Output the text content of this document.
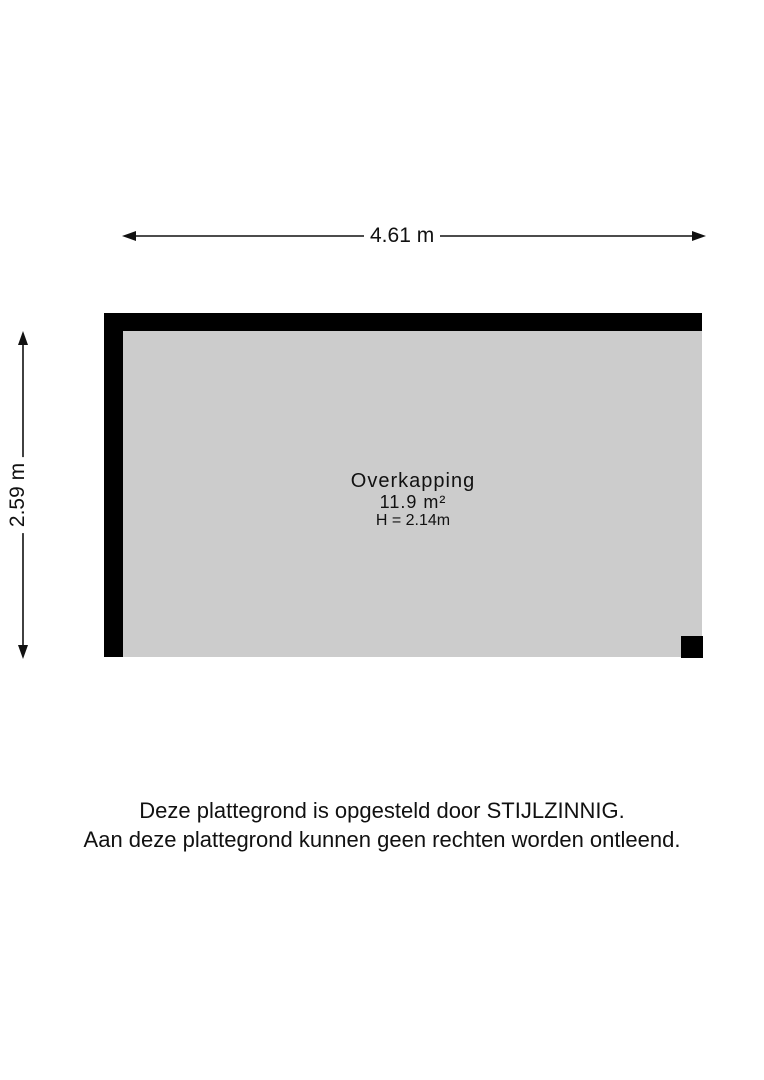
4.61 m
2.59 m	Overkapping
11.9 m²
H = 2.14m
Deze plattegrond is opgesteld door STIJLZINNIG.
Aan deze plattegrond kunnen geen rechten worden ontleend.
